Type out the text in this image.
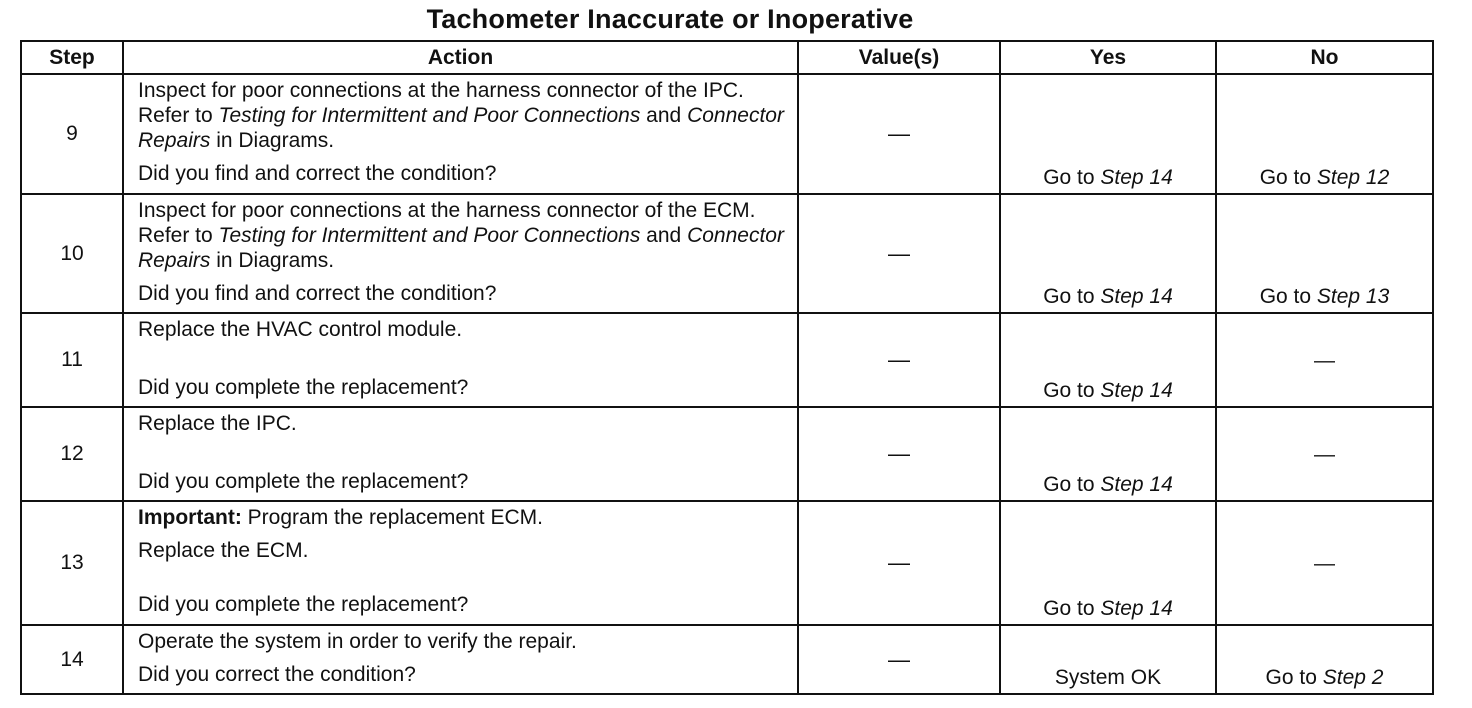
Tachometer Inaccurate or Inoperative
Step	Action	Value(s)	Yes	No
9	Inspect for poor connections at the harness connector of the IPC. Refer to Testing for Intermittent and Poor Connections and Connector Repairs in Diagrams.
Did you find and correct the condition?	—	Go to Step 14	Go to Step 12
10	Inspect for poor connections at the harness connector of the ECM. Refer to Testing for Intermittent and Poor Connections and Connector Repairs in Diagrams.
Did you find and correct the condition?	—	Go to Step 14	Go to Step 13
11	Replace the HVAC control module.
Did you complete the replacement?	—	Go to Step 14	—
12	Replace the IPC.
Did you complete the replacement?	—	Go to Step 14	—
13	Important: Program the replacement ECM.
Replace the ECM.
Did you complete the replacement?	—	Go to Step 14	—
14	Operate the system in order to verify the repair.
Did you correct the condition?	—	System OK	Go to Step 2
